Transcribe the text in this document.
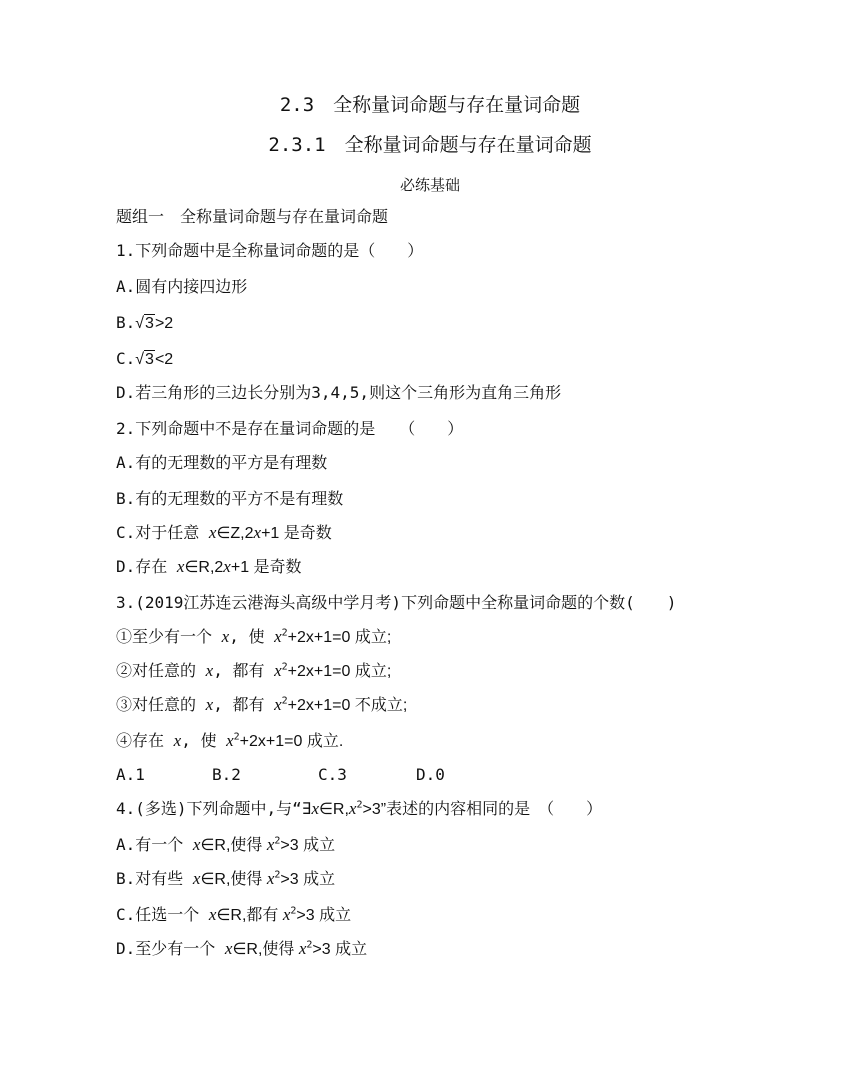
2.3　全称量词命题与存在量词命题
2.3.1　全称量词命题与存在量词命题
必练基础
题组一　全称量词命题与存在量词命题
1.下列命题中是全称量词命题的是（　　）
A.圆有内接四边形
B.√3>2
C.√3<2
D.若三角形的三边长分别为3,4,5,则这个三角形为直角三角形
2.下列命题中不是存在量词命题的是　　（　　）
A.有的无理数的平方是有理数
B.有的无理数的平方不是有理数
C.对于任意 x∈Z,2x+1 是奇数
D.存在 x∈R,2x+1 是奇数
3.(2019江苏连云港海头高级中学月考)下列命题中全称量词命题的个数(　　)
①至少有一个 x, 使 $x^2+2x+1=0$ 成立;
②对任意的 x, 都有 $x^2+2x+1=0$ 成立;
③对任意的 x, 都有 $x^2+2x+1=0$ 不成立;
④存在 x, 使 $x^2+2x+1=0$ 成立.
A.1	B.2	C.3	D.0
4.(多选)下列命题中,与“$\exists x\in R,x^2>3$”表述的内容相同的是　（　　）
A.有一个 x∈R,使得 $x^2>3$ 成立
B.对有些 x∈R,使得 $x^2>3$ 成立
C.任选一个 x∈R,都有 $x^2>3$ 成立
D.至少有一个 x∈R,使得 $x^2>3$ 成立
